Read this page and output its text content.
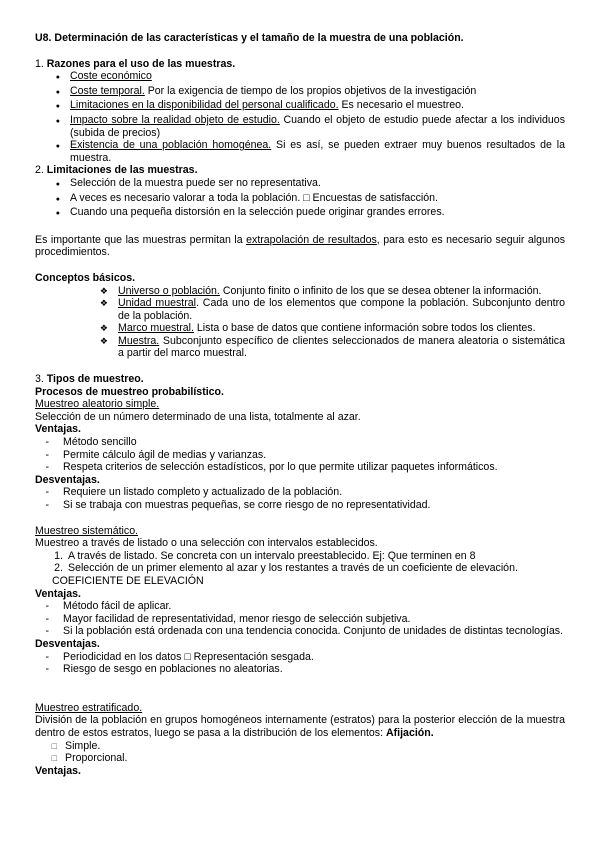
U8. Determinación de las características y el tamaño de la muestra de una población.

1. Razones para el uso de las muestras.
●
Coste económico
●
Coste temporal. Por la exigencia de tiempo de los propios objetivos de la investigación
●
Limitaciones en la disponibilidad del personal cualificado. Es necesario el muestreo.
●
Impacto sobre la realidad objeto de estudio. Cuando el objeto de estudio puede afectar a los individuos (subida de precios)
●
Existencia de una población homogénea. Si es así, se pueden extraer muy buenos resultados de la muestra.
2. Limitaciones de las muestras.
●
Selección de la muestra puede ser no representativa.
●
A veces es necesario valorar a toda la población. □ Encuestas de satisfacción.
●
Cuando una pequeña distorsión en la selección puede originar grandes errores.

Es importante que las muestras permitan la extrapolación de resultados, para esto es necesario seguir algunos procedimientos.

Conceptos básicos.
❖
Universo o población. Conjunto finito o infinito de los que se desea obtener la información.
❖
Unidad muestral. Cada uno de los elementos que compone la población. Subconjunto dentro de la población.
❖
Marco muestral. Lista o base de datos que contiene información sobre todos los clientes.
❖
Muestra. Subconjunto específico de clientes seleccionados de manera aleatoria o sistemática a partir del marco muestral.
3. Tipos de muestreo.
Procesos de muestreo probabilístico.
Muestreo aleatorio simple.
Selección de un número determinado de una lista, totalmente al azar.
Ventajas.
-	Método sencillo
-	Permite cálculo ágil de medias y varianzas.
-	Respeta criterios de selección estadísticos, por lo que permite utilizar paquetes informáticos.
Desventajas.
-	Requiere un listado completo y actualizado de la población.
-	Si se trabaja con muestras pequeñas, se corre riesgo de no representatividad.
Muestreo sistemático.
Muestreo a través de listado o una selección con intervalos establecidos.
1. A través de listado. Se concreta con un intervalo preestablecido. Ej: Que terminen en 8
2. Selección de un primer elemento al azar y los restantes a través de un coeficiente de elevación.
COEFICIENTE DE ELEVACIÓN
Ventajas.
-	Método fácil de aplicar.
-	Mayor facilidad de representatividad, menor riesgo de selección subjetiva.
-	Si la población está ordenada con una tendencia conocida. Conjunto de unidades de distintas tecnologías.
Desventajas.
-	Periodicidad en los datos □ Representación sesgada.
-	Riesgo de sesgo en poblaciones no aleatorias.
Muestreo estratificado.
División de la población en grupos homogéneos internamente (estratos) para la posterior elección de la muestra dentro de estos estratos, luego se pasa a la distribución de los elementos: Afijación.
□ Simple.
□ Proporcional.
Ventajas.
